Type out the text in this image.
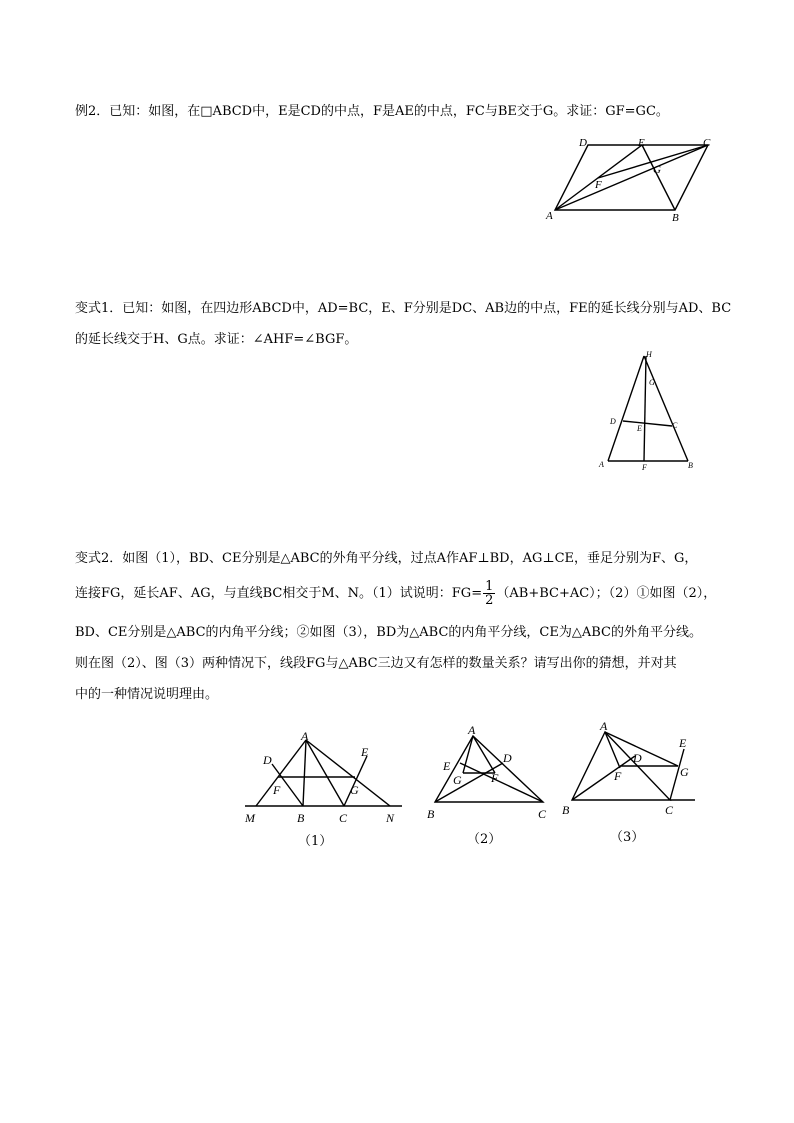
例2．已知：如图，在□ABCD中，E是CD的中点，F是AE的中点，FC与BE交于G。求证：GF=GC。
D	E	C
F
G
A	B
变式1．已知：如图，在四边形ABCD中，AD=BC，E、F分别是DC、AB边的中点，FE的延长线分别与AD、BC
的延长线交于H、G点。求证：∠AHF=∠BGF。
H
G
D
E	C
A	F	B
变式2．如图（1），BD、CE分别是△ABC的外角平分线，过点A作AF⊥BD，AG⊥CE，垂足分别为F、G，
连接FG，延长AF、AG，与直线BC相交于M、N。（1）试说明：$FG= \frac{1}{2} (AB+BC+AC)$；（2）①如图（2），
BD、CE分别是△ABC的内角平分线；②如图（3），BD为△ABC的内角平分线，CE为△ABC的外角平分线。
则在图（2）、图（3）两种情况下，线段FG与△ABC三边又有怎样的数量关系？请写出你的猜想，并对其
中的一种情况说明理由。
A
D
E
F	G
M	B	C	N
（1）
A
E
D
G F
B	C
（2）
A
E
D
F	G
B	C
（3）
